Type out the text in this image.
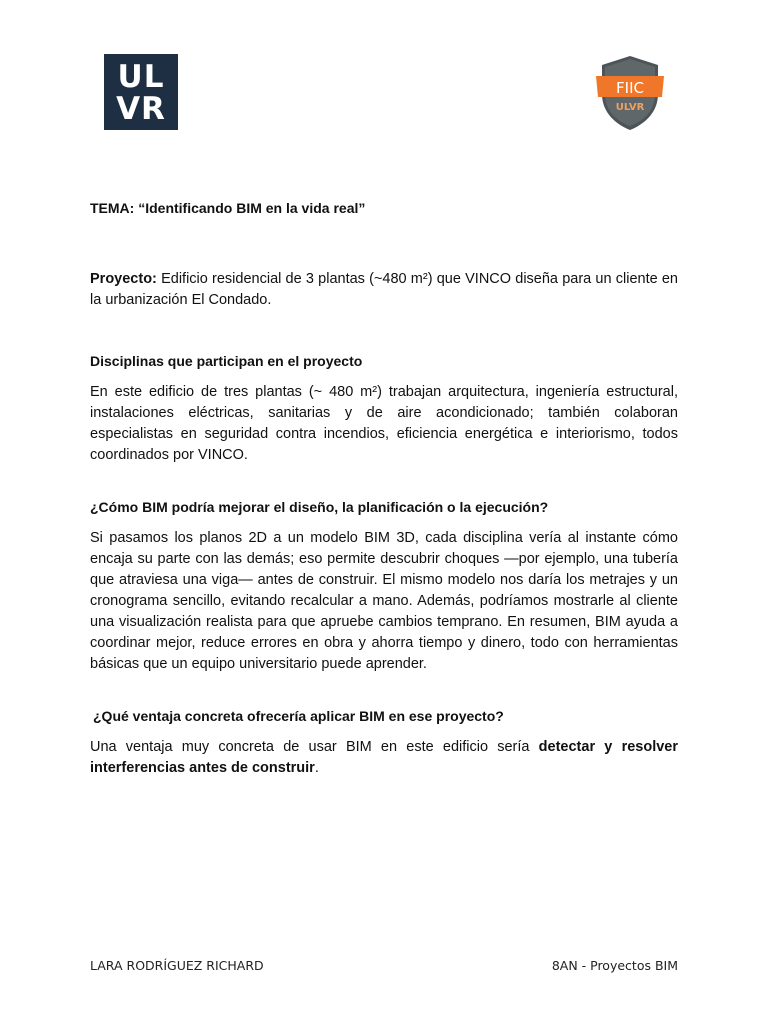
UL
VR
FIIC
ULVR

TEMA: “Identificando BIM en la vida real”

Proyecto: Edificio residencial de 3 plantas (~480 m²) que VINCO diseña para un cliente en la urbanización El Condado.

Disciplinas que participan en el proyecto

En este edificio de tres plantas (~ 480 m²) trabajan arquitectura, ingeniería estructural, instalaciones eléctricas, sanitarias y de aire acondicionado; también colaboran especialistas en seguridad contra incendios, eficiencia energética e interiorismo, todos coordinados por VINCO.

¿Cómo BIM podría mejorar el diseño, la planificación o la ejecución?

Si pasamos los planos 2D a un modelo BIM 3D, cada disciplina vería al instante cómo encaja su parte con las demás; eso permite descubrir choques —por ejemplo, una tubería que atraviesa una viga— antes de construir. El mismo modelo nos daría los metrajes y un cronograma sencillo, evitando recalcular a mano. Además, podríamos mostrarle al cliente una visualización realista para que apruebe cambios temprano. En resumen, BIM ayuda a coordinar mejor, reduce errores en obra y ahorra tiempo y dinero, todo con herramientas básicas que un equipo universitario puede aprender.

¿Qué ventaja concreta ofrecería aplicar BIM en ese proyecto?

Una ventaja muy concreta de usar BIM en este edificio sería detectar y resolver interferencias antes de construir.

LARA RODRÍGUEZ RICHARD	8AN - Proyectos BIM
